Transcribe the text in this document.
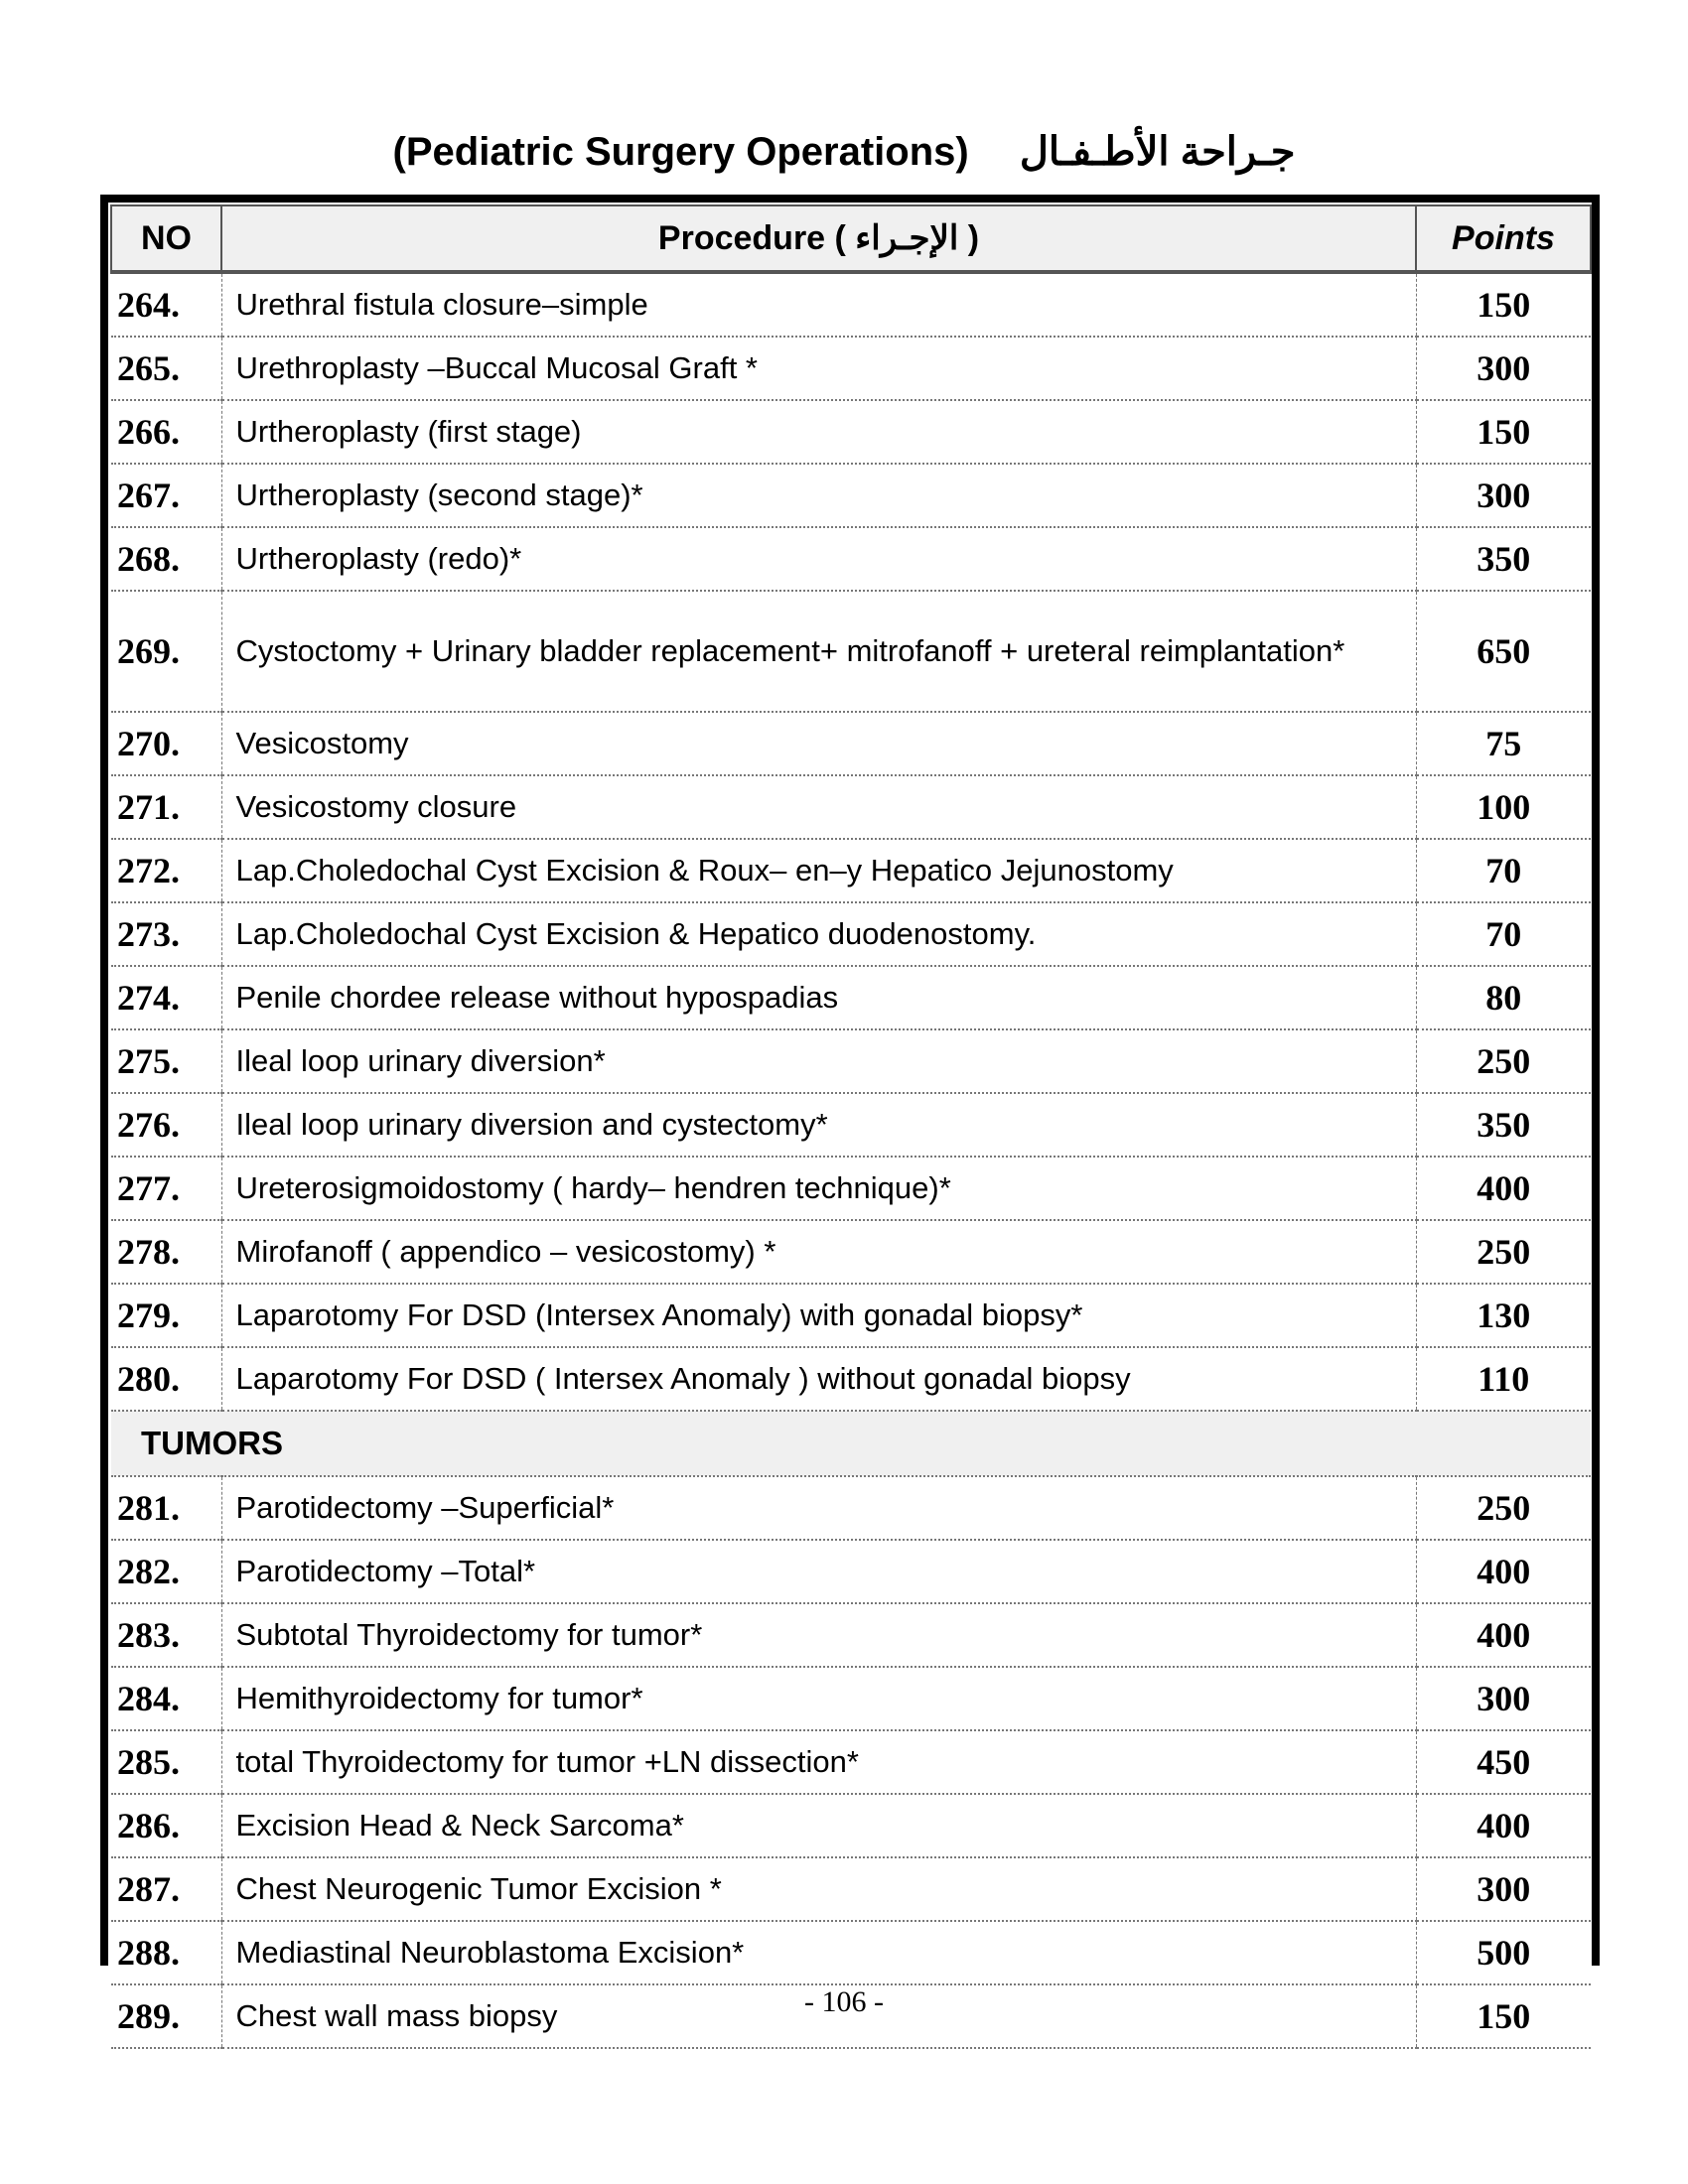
(Pediatric Surgery Operations) جـراحة الأطـفـال
NO	Procedure ( الإجـراء )	Points
264.	Urethral fistula closure–simple	150
265.	Urethroplasty –Buccal Mucosal Graft *	300
266.	Urtheroplasty (first stage)	150
267.	Urtheroplasty (second stage)*	300
268.	Urtheroplasty (redo)*	350
269.	Cystoctomy + Urinary bladder replacement+ mitrofanoff + ureteral reimplantation*	650
270.	Vesicostomy	75
271.	Vesicostomy closure	100
272.	Lap.Choledochal Cyst Excision & Roux– en–y Hepatico Jejunostomy	70
273.	Lap.Choledochal Cyst Excision & Hepatico duodenostomy.	70
274.	Penile chordee release without hypospadias	80
275.	Ileal loop urinary diversion*	250
276.	Ileal loop urinary diversion and cystectomy*	350
277.	Ureterosigmoidostomy ( hardy– hendren technique)*	400
278.	Mirofanoff ( appendico – vesicostomy) *	250
279.	Laparotomy For DSD (Intersex Anomaly) with gonadal biopsy*	130
280.	Laparotomy For DSD ( Intersex Anomaly ) without gonadal biopsy	110
TUMORS		
281.	Parotidectomy –Superficial*	250
282.	Parotidectomy –Total*	400
283.	Subtotal Thyroidectomy for tumor*	400
284.	Hemithyroidectomy for tumor*	300
285.	total Thyroidectomy for tumor +LN dissection*	450
286.	Excision Head & Neck Sarcoma*	400
287.	Chest Neurogenic Tumor Excision *	300
288.	Mediastinal Neuroblastoma Excision*	500
289.	Chest wall mass biopsy	150
- 106 -
